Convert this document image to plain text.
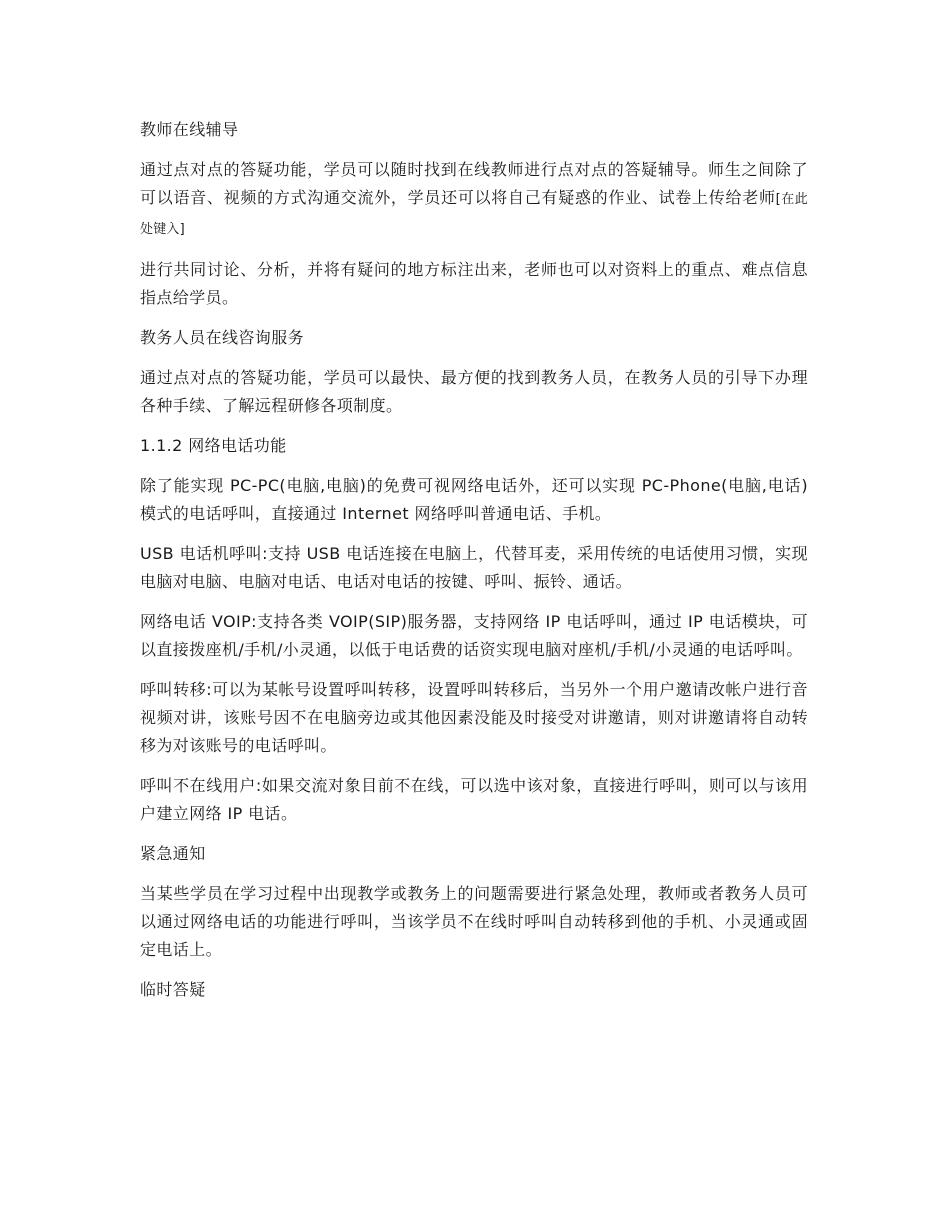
教师在线辅导

通过点对点的答疑功能，学员可以随时找到在线教师进行点对点的答疑辅导。师生之间除了可以语音、视频的方式沟通交流外，学员还可以将自己有疑惑的作业、试卷上传给老师[在此处键入]

进行共同讨论、分析，并将有疑问的地方标注出来，老师也可以对资料上的重点、难点信息指点给学员。

教务人员在线咨询服务

通过点对点的答疑功能，学员可以最快、最方便的找到教务人员，在教务人员的引导下办理各种手续、了解远程研修各项制度。

1.1.2 网络电话功能

除了能实现 PC-PC(电脑,电脑)的免费可视网络电话外，还可以实现 PC-Phone(电脑,电话)模式的电话呼叫，直接通过 Internet 网络呼叫普通电话、手机。

USB 电话机呼叫:支持 USB 电话连接在电脑上，代替耳麦，采用传统的电话使用习惯，实现电脑对电脑、电脑对电话、电话对电话的按键、呼叫、振铃、通话。

网络电话 VOIP:支持各类 VOIP(SIP)服务器，支持网络 IP 电话呼叫，通过 IP 电话模块，可以直接拨座机/手机/小灵通，以低于电话费的话资实现电脑对座机/手机/小灵通的电话呼叫。

呼叫转移:可以为某帐号设置呼叫转移，设置呼叫转移后，当另外一个用户邀请改帐户进行音视频对讲，该账号因不在电脑旁边或其他因素没能及时接受对讲邀请，则对讲邀请将自动转移为对该账号的电话呼叫。

呼叫不在线用户:如果交流对象目前不在线，可以选中该对象，直接进行呼叫，则可以与该用户建立网络 IP 电话。

紧急通知

当某些学员在学习过程中出现教学或教务上的问题需要进行紧急处理，教师或者教务人员可以通过网络电话的功能进行呼叫，当该学员不在线时呼叫自动转移到他的手机、小灵通或固定电话上。

临时答疑
